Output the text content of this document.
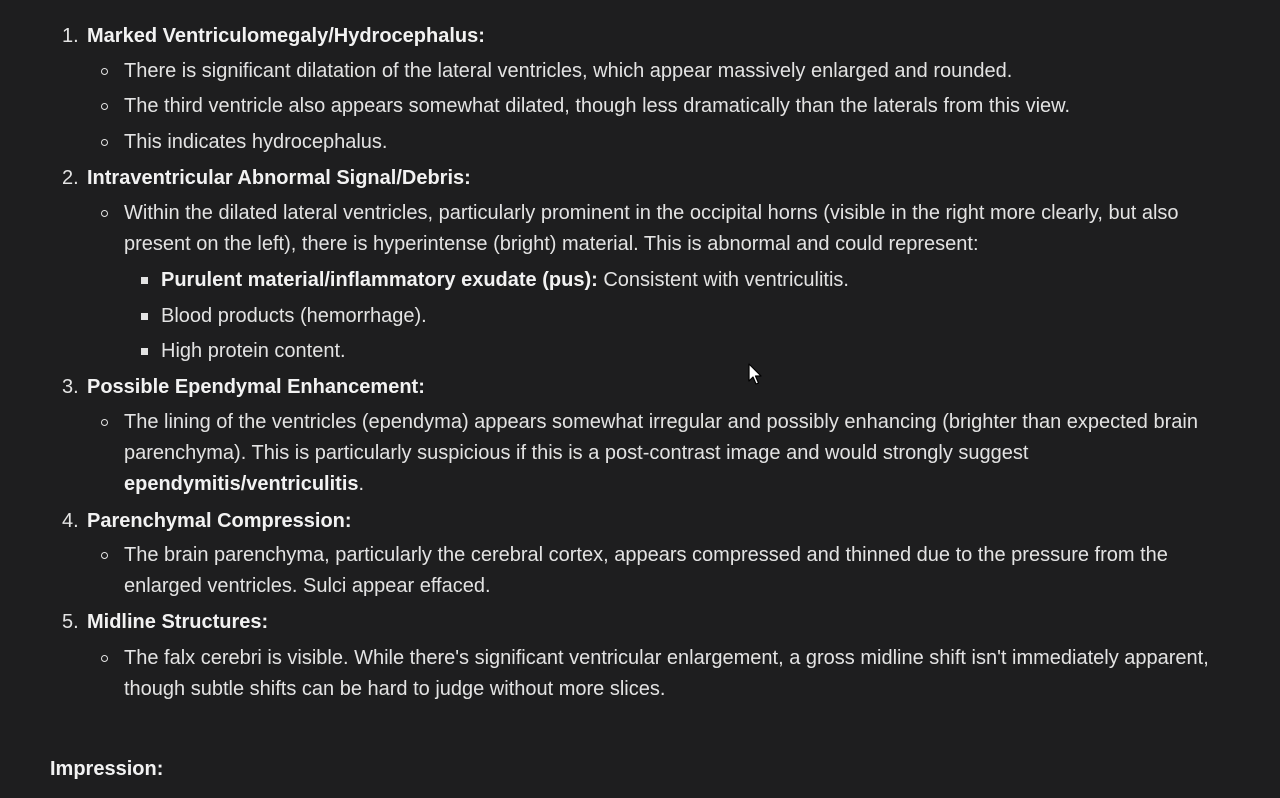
1. Marked Ventriculomegaly/Hydrocephalus:
There is significant dilatation of the lateral ventricles, which appear massively enlarged and rounded.
The third ventricle also appears somewhat dilated, though less dramatically than the laterals from this view.
This indicates hydrocephalus.
2. Intraventricular Abnormal Signal/Debris:
Within the dilated lateral ventricles, particularly prominent in the occipital horns (visible in the right more clearly, but also present on the left), there is hyperintense (bright) material. This is abnormal and could represent:
Purulent material/inflammatory exudate (pus): Consistent with ventriculitis.
Blood products (hemorrhage).
High protein content.
3. Possible Ependymal Enhancement:
The lining of the ventricles (ependyma) appears somewhat irregular and possibly enhancing (brighter than expected brain parenchyma). This is particularly suspicious if this is a post-contrast image and would strongly suggest ependymitis/ventriculitis.
4. Parenchymal Compression:
The brain parenchyma, particularly the cerebral cortex, appears compressed and thinned due to the pressure from the enlarged ventricles. Sulci appear effaced.
5. Midline Structures:
The falx cerebri is visible. While there's significant ventricular enlargement, a gross midline shift isn't immediately apparent, though subtle shifts can be hard to judge without more slices.
Impression:
